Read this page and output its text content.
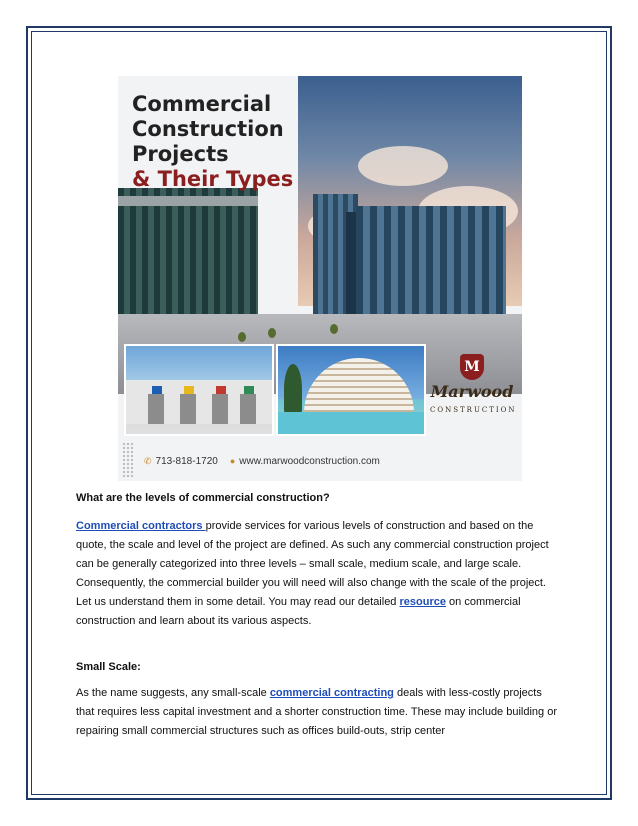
Commercial
Construction
Projects
& Their Types
M
Marwood
CONSTRUCTION
✆ 713-818-1720 ● www.marwoodconstruction.com
What are the levels of commercial construction?
Commercial contractors provide services for various levels of construction and based on the quote, the scale and level of the project are defined. As such any commercial construction project can be generally categorized into three levels – small scale, medium scale, and large scale. Consequently, the commercial builder you will need will also change with the scale of the project. Let us understand them in some detail. You may read our detailed resource on commercial construction and learn about its various aspects.
Small Scale:
As the name suggests, any small-scale commercial contracting deals with less-costly projects that requires less capital investment and a shorter construction time. These may include building or repairing small commercial structures such as offices build-outs, strip center
